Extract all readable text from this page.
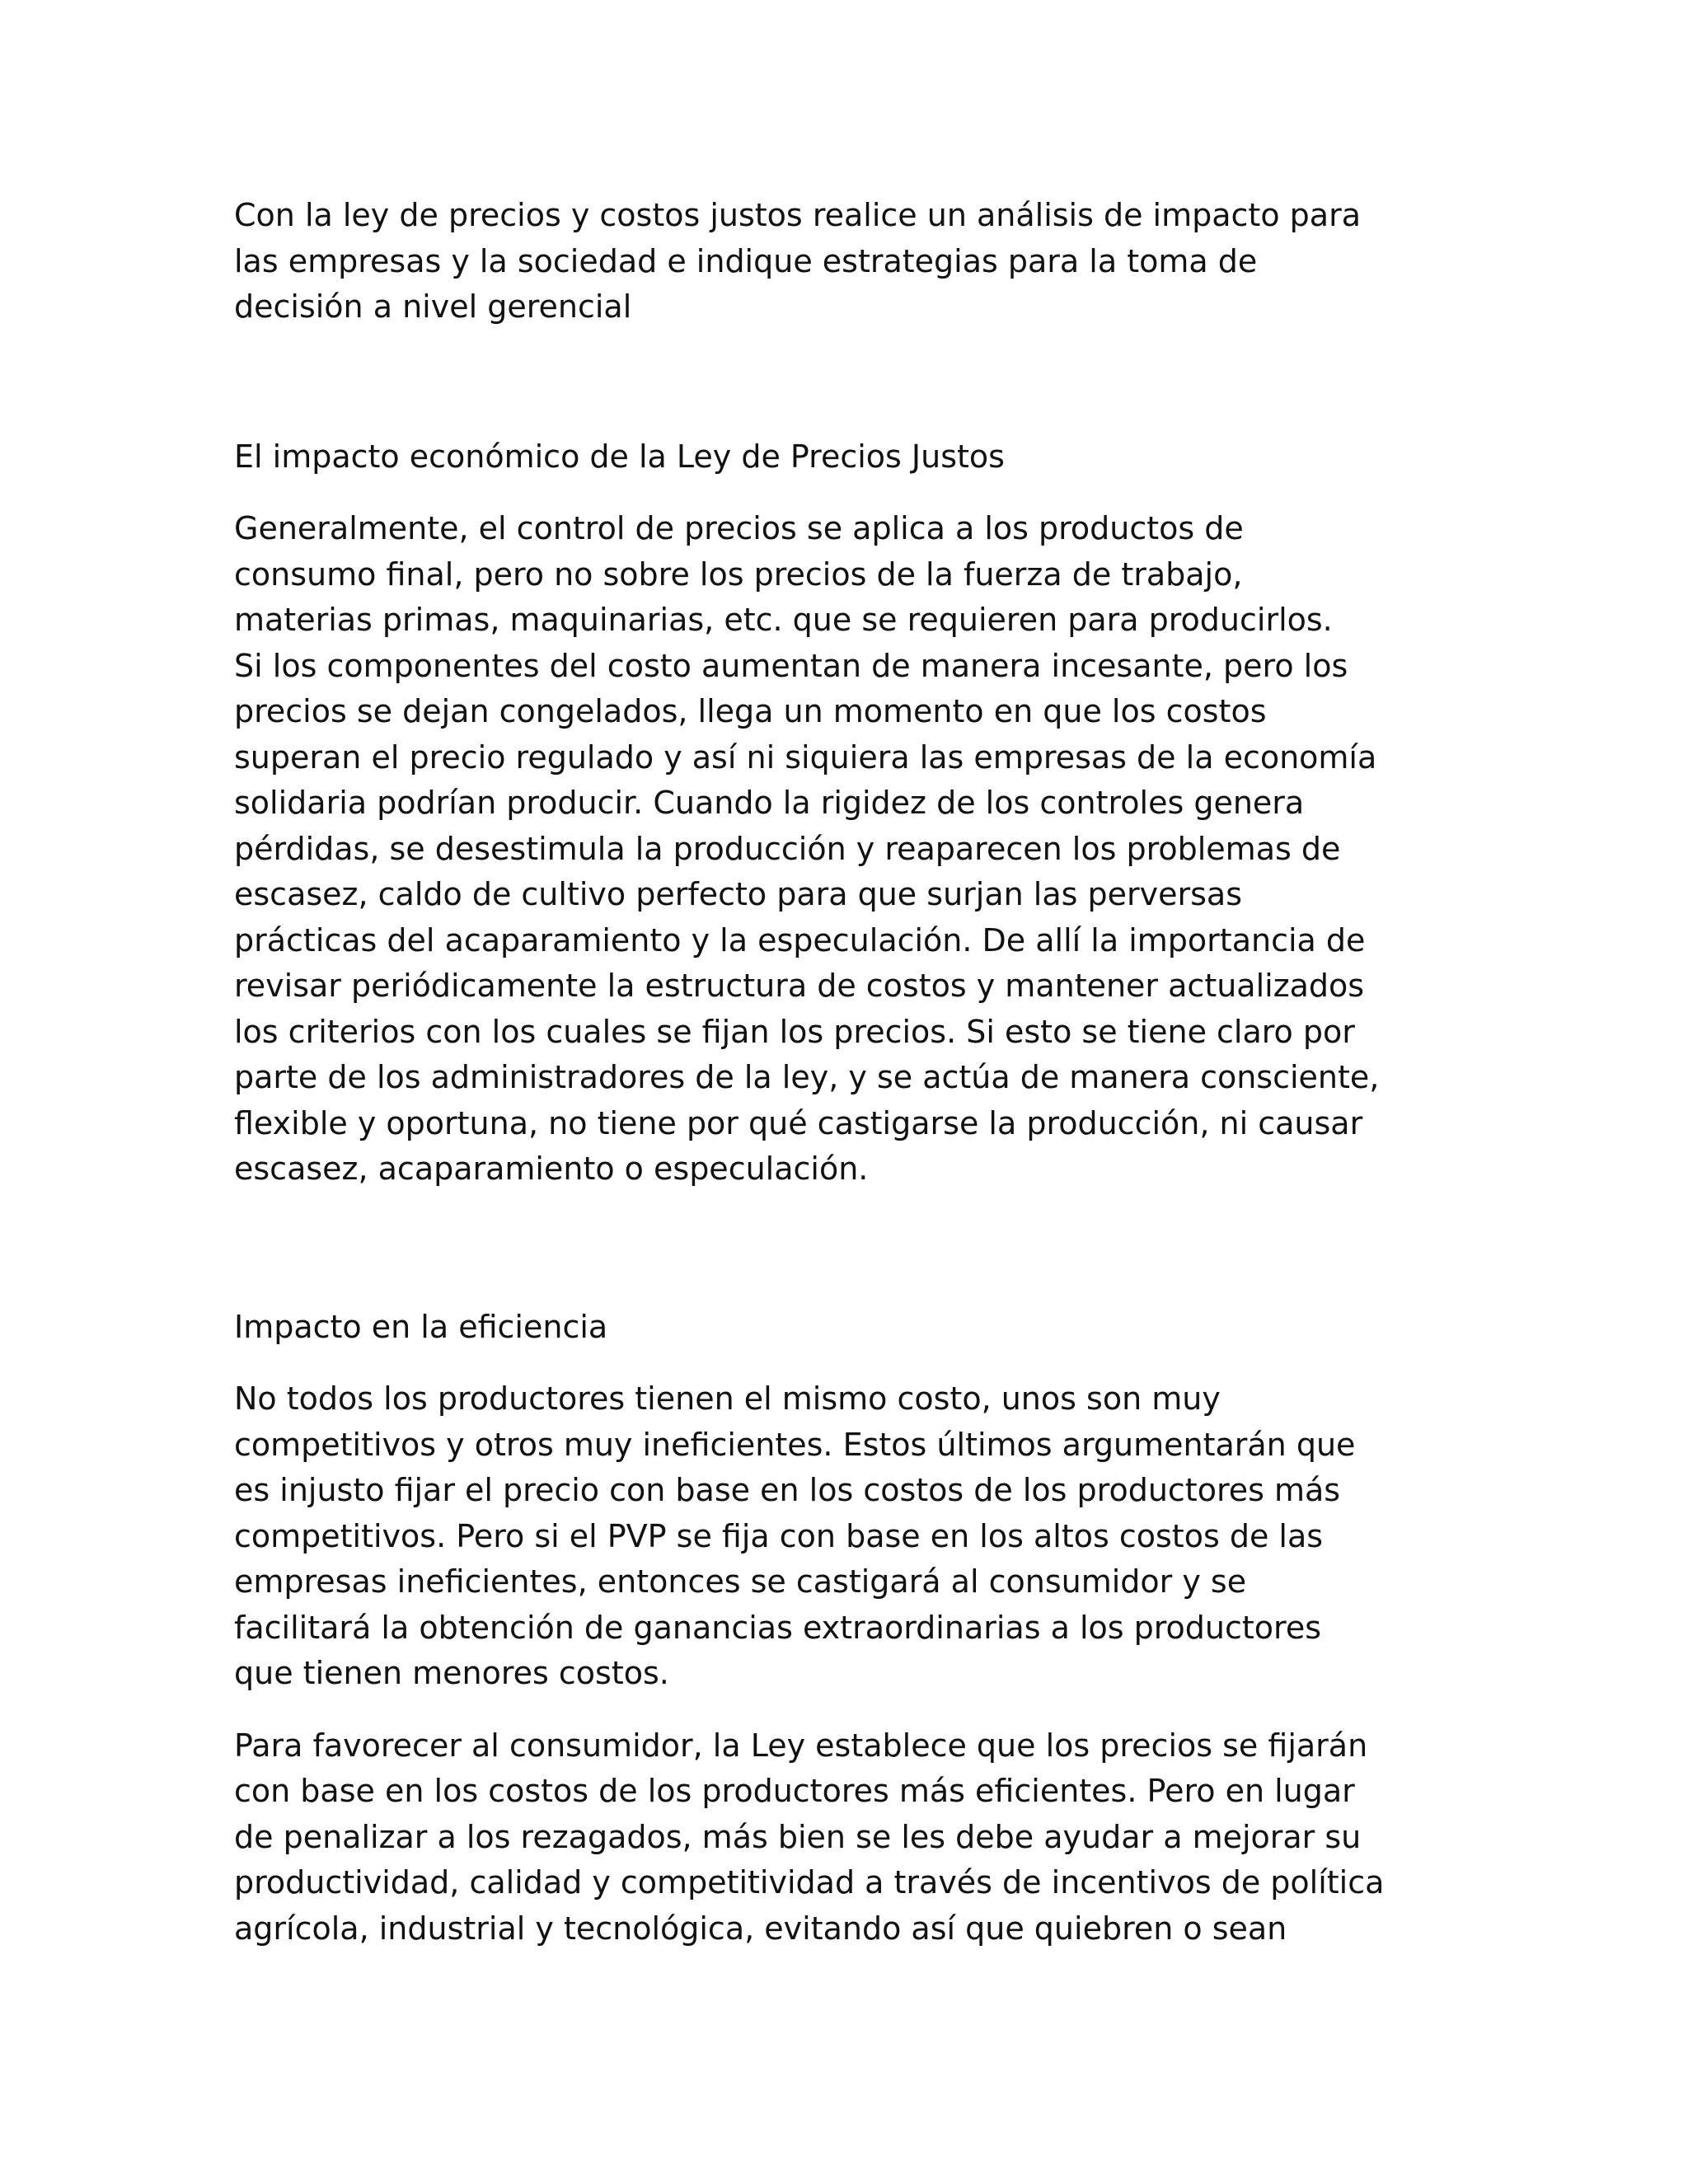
Con la ley de precios y costos justos realice un análisis de impacto para
las empresas y la sociedad e indique estrategias para la toma de
decisión a nivel gerencial

El impacto económico de la Ley de Precios Justos

Generalmente, el control de precios se aplica a los productos de
consumo final, pero no sobre los precios de la fuerza de trabajo,
materias primas, maquinarias, etc. que se requieren para producirlos.
Si los componentes del costo aumentan de manera incesante, pero los
precios se dejan congelados, llega un momento en que los costos
superan el precio regulado y así ni siquiera las empresas de la economía
solidaria podrían producir. Cuando la rigidez de los controles genera
pérdidas, se desestimula la producción y reaparecen los problemas de
escasez, caldo de cultivo perfecto para que surjan las perversas
prácticas del acaparamiento y la especulación. De allí la importancia de
revisar periódicamente la estructura de costos y mantener actualizados
los criterios con los cuales se fijan los precios. Si esto se tiene claro por
parte de los administradores de la ley, y se actúa de manera consciente,
flexible y oportuna, no tiene por qué castigarse la producción, ni causar
escasez, acaparamiento o especulación.

Impacto en la eficiencia

No todos los productores tienen el mismo costo, unos son muy
competitivos y otros muy ineficientes. Estos últimos argumentarán que
es injusto fijar el precio con base en los costos de los productores más
competitivos. Pero si el PVP se fija con base en los altos costos de las
empresas ineficientes, entonces se castigará al consumidor y se
facilitará la obtención de ganancias extraordinarias a los productores
que tienen menores costos.

Para favorecer al consumidor, la Ley establece que los precios se fijarán
con base en los costos de los productores más eficientes. Pero en lugar
de penalizar a los rezagados, más bien se les debe ayudar a mejorar su
productividad, calidad y competitividad a través de incentivos de política
agrícola, industrial y tecnológica, evitando así que quiebren o sean
